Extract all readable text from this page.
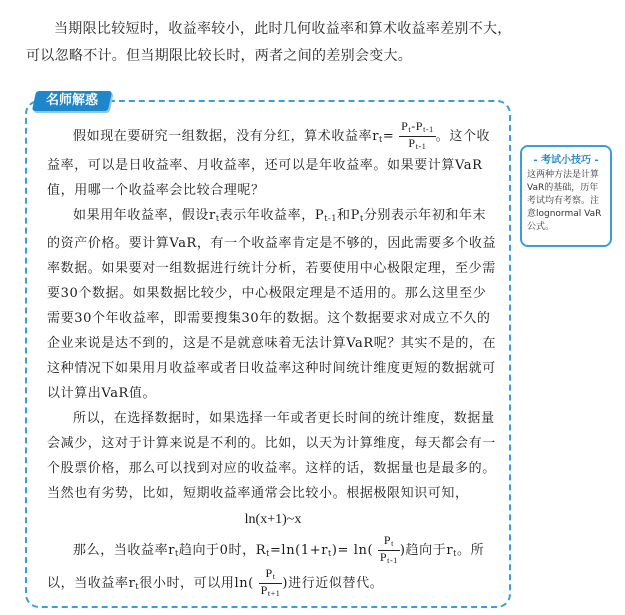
当期限比较短时，收益率较小，此时几何收益率和算术收益率差别不大，可以忽略不计。但当期限比较长时，两者之间的差别会变大。
名师解惑
- 考试小技巧 -
这两种方法是计算VaR的基础，历年考试均有考察。注意lognormal VaR公式。

假如现在要研究一组数据，没有分红，算术收益率$r_t= \frac{P_t-P_{t-1}}{P_{t-1}}$ 。这个收益率，可以是日收益率、月收益率，还可以是年收益率。如果要计算VaR值，用哪一个收益率会比较合理呢？

如果用年收益率，假设$r_t$表示年收益率，$P_{t-1}$和$P_t$分别表示年初和年末的资产价格。要计算VaR，有一个收益率肯定是不够的，因此需要多个收益率数据。如果要对一组数据进行统计分析，若要使用中心极限定理，至少需要30个数据。如果数据比较少，中心极限定理是不适用的。那么这里至少需要30个年收益率，即需要搜集30年的数据。这个数据要求对成立不久的企业来说是达不到的，这是不是就意味着无法计算VaR呢？其实不是的，在这种情况下如果用月收益率或者日收益率这种时间统计维度更短的数据就可以计算出VaR值。

所以，在选择数据时，如果选择一年或者更长时间的统计维度，数据量会减少，这对于计算来说是不利的。比如，以天为计算维度，每天都会有一个股票价格，那么可以找到对应的收益率。这样的话，数据量也是最多的。当然也有劣势，比如，短期收益率通常会比较小。根据极限知识可知，

ln(x+1)~x

那么，当收益率$r_t$趋向于0时，$R_t=\ln(1+r_t)= \ln( \frac{P_t}{P_{t-1}}$ )趋向于$r_t$。所以，当收益率$r_t$很小时，可以用$\ln( \frac{P_t}{P_{t+1}}$ )进行近似替代。
